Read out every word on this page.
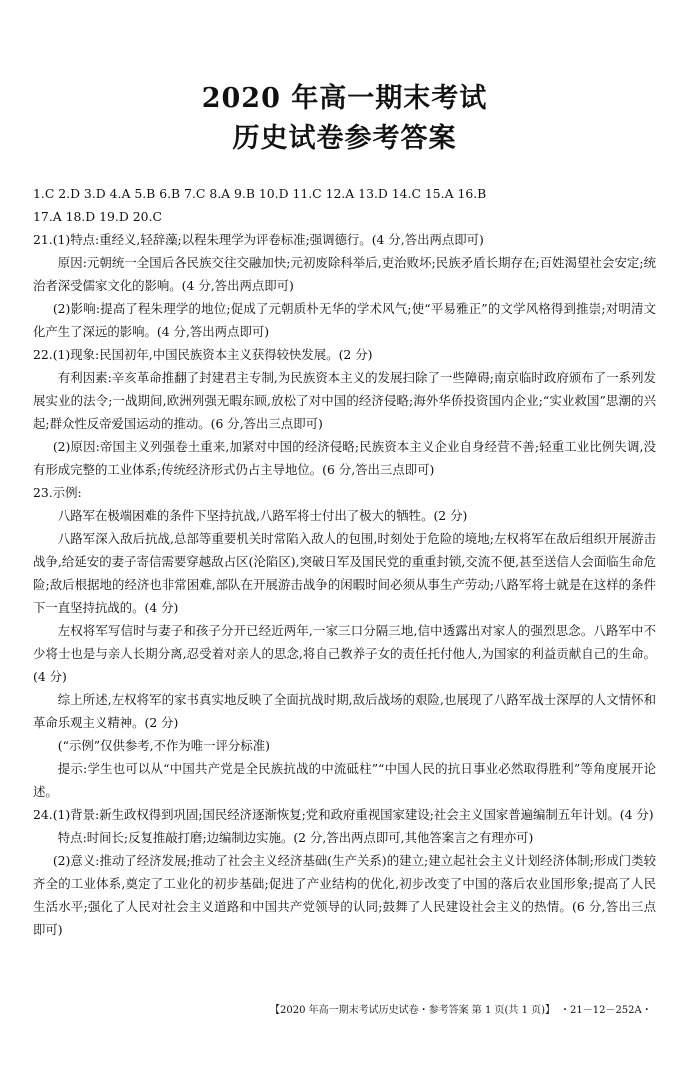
2020 年高一期末考试
历史试卷参考答案

1.C 2.D 3.D 4.A 5.B 6.B 7.C 8.A 9.B 10.D 11.C 12.A 13.D 14.C 15.A 16.B

17.A 18.D 19.D 20.C

21.(1)特点:重经义,轻辞藻;以程朱理学为评卷标准;强调德行。(4 分,答出两点即可)

原因:元朝统一全国后各民族交往交融加快;元初废除科举后,吏治败坏;民族矛盾长期存在;百姓渴望社会安定;统治者深受儒家文化的影响。(4 分,答出两点即可)

(2)影响:提高了程朱理学的地位;促成了元朝质朴无华的学术风气;使“平易雅正”的文学风格得到推崇;对明清文化产生了深远的影响。(4 分,答出两点即可)

22.(1)现象:民国初年,中国民族资本主义获得较快发展。(2 分)

有利因素:辛亥革命推翻了封建君主专制,为民族资本主义的发展扫除了一些障碍;南京临时政府颁布了一系列发展实业的法令;一战期间,欧洲列强无暇东顾,放松了对中国的经济侵略;海外华侨投资国内企业;“实业救国”思潮的兴起;群众性反帝爱国运动的推动。(6 分,答出三点即可)

(2)原因:帝国主义列强卷土重来,加紧对中国的经济侵略;民族资本主义企业自身经营不善;轻重工业比例失调,没有形成完整的工业体系;传统经济形式仍占主导地位。(6 分,答出三点即可)

23.示例:

八路军在极端困难的条件下坚持抗战,八路军将士付出了极大的牺牲。(2 分)

八路军深入敌后抗战,总部等重要机关时常陷入敌人的包围,时刻处于危险的境地;左权将军在敌后组织开展游击战争,给延安的妻子寄信需要穿越敌占区(沦陷区),突破日军及国民党的重重封锁,交流不便,甚至送信人会面临生命危险;敌后根据地的经济也非常困难,部队在开展游击战争的闲暇时间必须从事生产劳动;八路军将士就是在这样的条件下一直坚持抗战的。(4 分)

左权将军写信时与妻子和孩子分开已经近两年,一家三口分隔三地,信中透露出对家人的强烈思念。八路军中不少将士也是与亲人长期分离,忍受着对亲人的思念,将自己教养子女的责任托付他人,为国家的利益贡献自己的生命。(4 分)

综上所述,左权将军的家书真实地反映了全面抗战时期,敌后战场的艰险,也展现了八路军战士深厚的人文情怀和革命乐观主义精神。(2 分)

(“示例”仅供参考,不作为唯一评分标准)

提示:学生也可以从“中国共产党是全民族抗战的中流砥柱”“中国人民的抗日事业必然取得胜利”等角度展开论述。

24.(1)背景:新生政权得到巩固;国民经济逐渐恢复;党和政府重视国家建设;社会主义国家普遍编制五年计划。(4 分)

特点:时间长;反复推敲打磨;边编制边实施。(2 分,答出两点即可,其他答案言之有理亦可)

(2)意义:推动了经济发展;推动了社会主义经济基础(生产关系)的建立;建立起社会主义计划经济体制;形成门类较齐全的工业体系,奠定了工业化的初步基础;促进了产业结构的优化,初步改变了中国的落后农业国形象;提高了人民生活水平;强化了人民对社会主义道路和中国共产党领导的认同;鼓舞了人民建设社会主义的热情。(6 分,答出三点即可)

【2020 年高一期末考试历史试卷・参考答案 第 1 页(共 1 页)】 ・21－12－252A・
